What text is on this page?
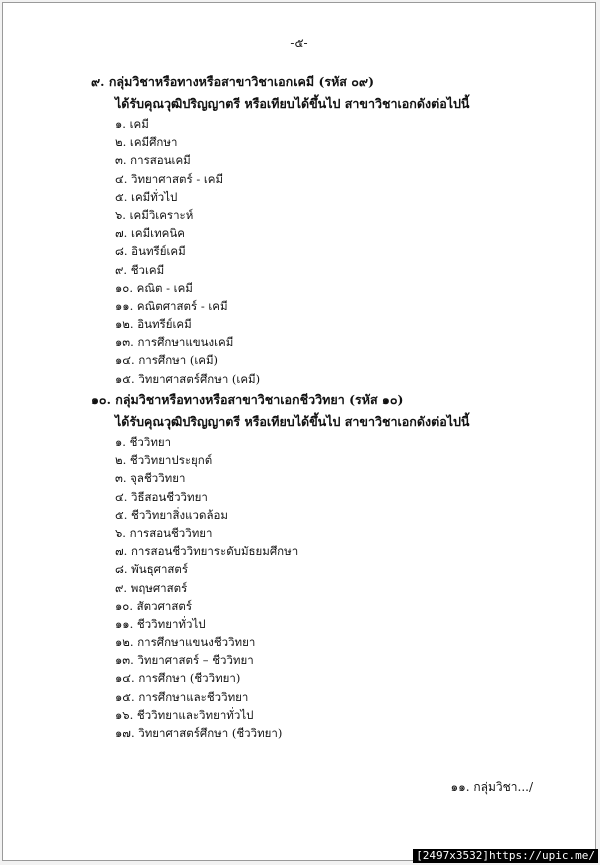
-๕-
๙. กลุ่มวิชาหรือทางหรือสาขาวิชาเอกเคมี (รหัส ๐๙)
ได้รับคุณวุฒิปริญญาตรี หรือเทียบได้ขึ้นไป สาขาวิชาเอกดังต่อไปนี้
๑. เคมี
๒. เคมีศึกษา
๓. การสอนเคมี
๔. วิทยาศาสตร์ - เคมี
๕. เคมีทั่วไป
๖. เคมีวิเคราะห์
๗. เคมีเทคนิค
๘. อินทรีย์เคมี
๙. ชีวเคมี
๑๐. คณิต - เคมี
๑๑. คณิตศาสตร์ - เคมี
๑๒. อินทรีย์เคมี
๑๓. การศึกษาแขนงเคมี
๑๔. การศึกษา (เคมี)
๑๕. วิทยาศาสตร์ศึกษา (เคมี)
๑๐. กลุ่มวิชาหรือทางหรือสาขาวิชาเอกชีววิทยา (รหัส ๑๐)
ได้รับคุณวุฒิปริญญาตรี หรือเทียบได้ขึ้นไป สาขาวิชาเอกดังต่อไปนี้
๑. ชีววิทยา
๒. ชีววิทยาประยุกต์
๓. จุลชีววิทยา
๔. วิธีสอนชีววิทยา
๕. ชีววิทยาสิ่งแวดล้อม
๖. การสอนชีววิทยา
๗. การสอนชีววิทยาระดับมัธยมศึกษา
๘. พันธุศาสตร์
๙. พฤษศาสตร์
๑๐. สัตวศาสตร์
๑๑. ชีววิทยาทั่วไป
๑๒. การศึกษาแขนงชีววิทยา
๑๓. วิทยาศาสตร์ – ชีววิทยา
๑๔. การศึกษา (ชีววิทยา)
๑๕. การศึกษาและชีววิทยา
๑๖. ชีววิทยาและวิทยาทั่วไป
๑๗. วิทยาศาสตร์ศึกษา (ชีววิทยา)
๑๑. กลุ่มวิชา.../
[2497x3532]https://upic.me/
